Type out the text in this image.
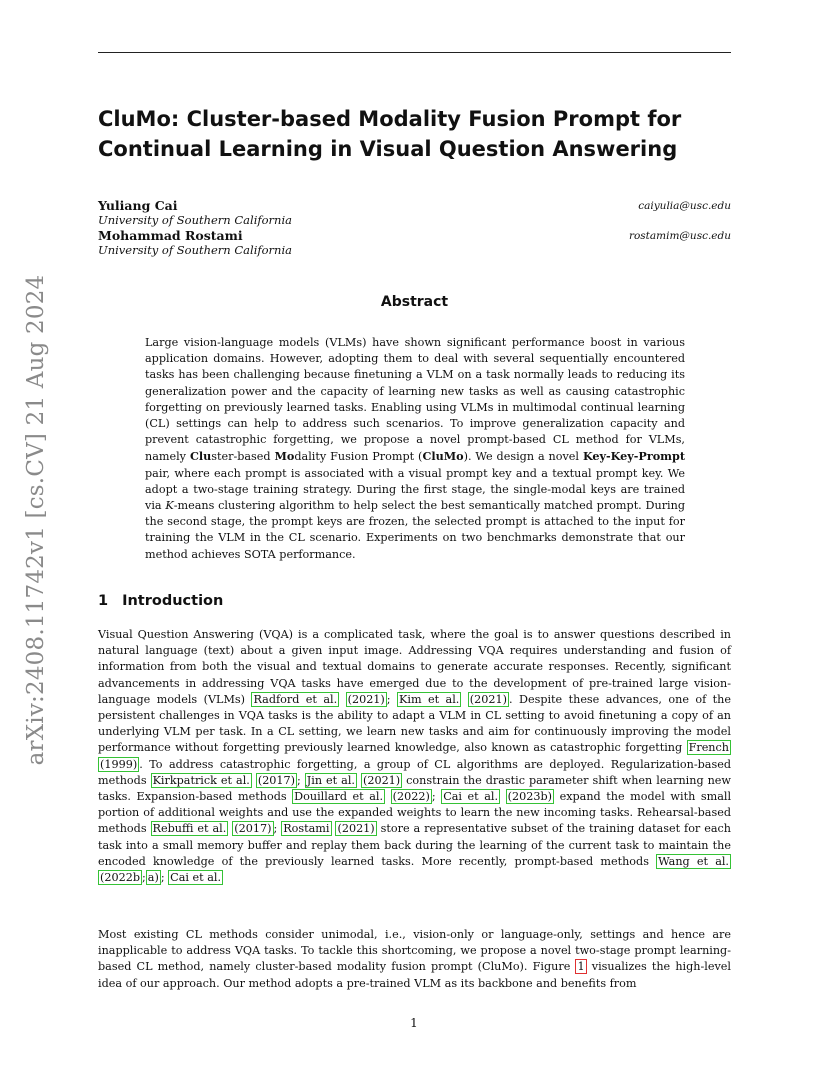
arXiv:2408.11742v1 [cs.CV] 21 Aug 2024
CluMo: Cluster-based Modality Fusion Prompt for Continual Learning in Visual Question Answering
Yuliang Cai	caiyulia@usc.edu
University of Southern California
Mohammad Rostami	rostamim@usc.edu
University of Southern California
Abstract

Large vision-language models (VLMs) have shown significant performance boost in various application domains. However, adopting them to deal with several sequentially encountered tasks has been challenging because finetuning a VLM on a task normally leads to reducing its generalization power and the capacity of learning new tasks as well as causing catastrophic forgetting on previously learned tasks. Enabling using VLMs in multimodal continual learning (CL) settings can help to address such scenarios. To improve generalization capacity and prevent catastrophic forgetting, we propose a novel prompt-based CL method for VLMs, namely Cluster-based Modality Fusion Prompt (CluMo). We design a novel Key-Key-Prompt pair, where each prompt is associated with a visual prompt key and a textual prompt key. We adopt a two-stage training strategy. During the first stage, the single-modal keys are trained via K-means clustering algorithm to help select the best semantically matched prompt. During the second stage, the prompt keys are frozen, the selected prompt is attached to the input for training the VLM in the CL scenario. Experiments on two benchmarks demonstrate that our method achieves SOTA performance.

1 Introduction

Visual Question Answering (VQA) is a complicated task, where the goal is to answer questions described in natural language (text) about a given input image. Addressing VQA requires understanding and fusion of information from both the visual and textual domains to generate accurate responses. Recently, significant advancements in addressing VQA tasks have emerged due to the development of pre-trained large vision-language models (VLMs) Radford et al. (2021) ; Kim et al. (2021) . Despite these advances, one of the persistent challenges in VQA tasks is the ability to adapt a VLM in CL setting to avoid finetuning a copy of an underlying VLM per task. In a CL setting, we learn new tasks and aim for continuously improving the model performance without forgetting previously learned knowledge, also known as catastrophic forgetting French (1999) . To address catastrophic forgetting, a group of CL algorithms are deployed. Regularization-based methods Kirkpatrick et al. (2017) ; Jin et al. (2021) constrain the drastic parameter shift when learning new tasks. Expansion-based methods Douillard et al. (2022) ; Cai et al. (2023b) expand the model with small portion of additional weights and use the expanded weights to learn the new incoming tasks. Rehearsal-based methods Rebuffi et al. (2017) ; Rostami (2021) store a representative subset of the training dataset for each task into a small memory buffer and replay them back during the learning of the current task to maintain the encoded knowledge of the previously learned tasks. More recently, prompt-based methods Wang et al. (2022b ; a) ; Cai et al.

Most existing CL methods consider unimodal, i.e., vision-only or language-only, settings and hence are inapplicable to address VQA tasks. To tackle this shortcoming, we propose a novel two-stage prompt learning-based CL method, namely cluster-based modality fusion prompt (CluMo). Figure 1 visualizes the high-level idea of our approach. Our method adopts a pre-trained VLM as its backbone and benefits from

1
